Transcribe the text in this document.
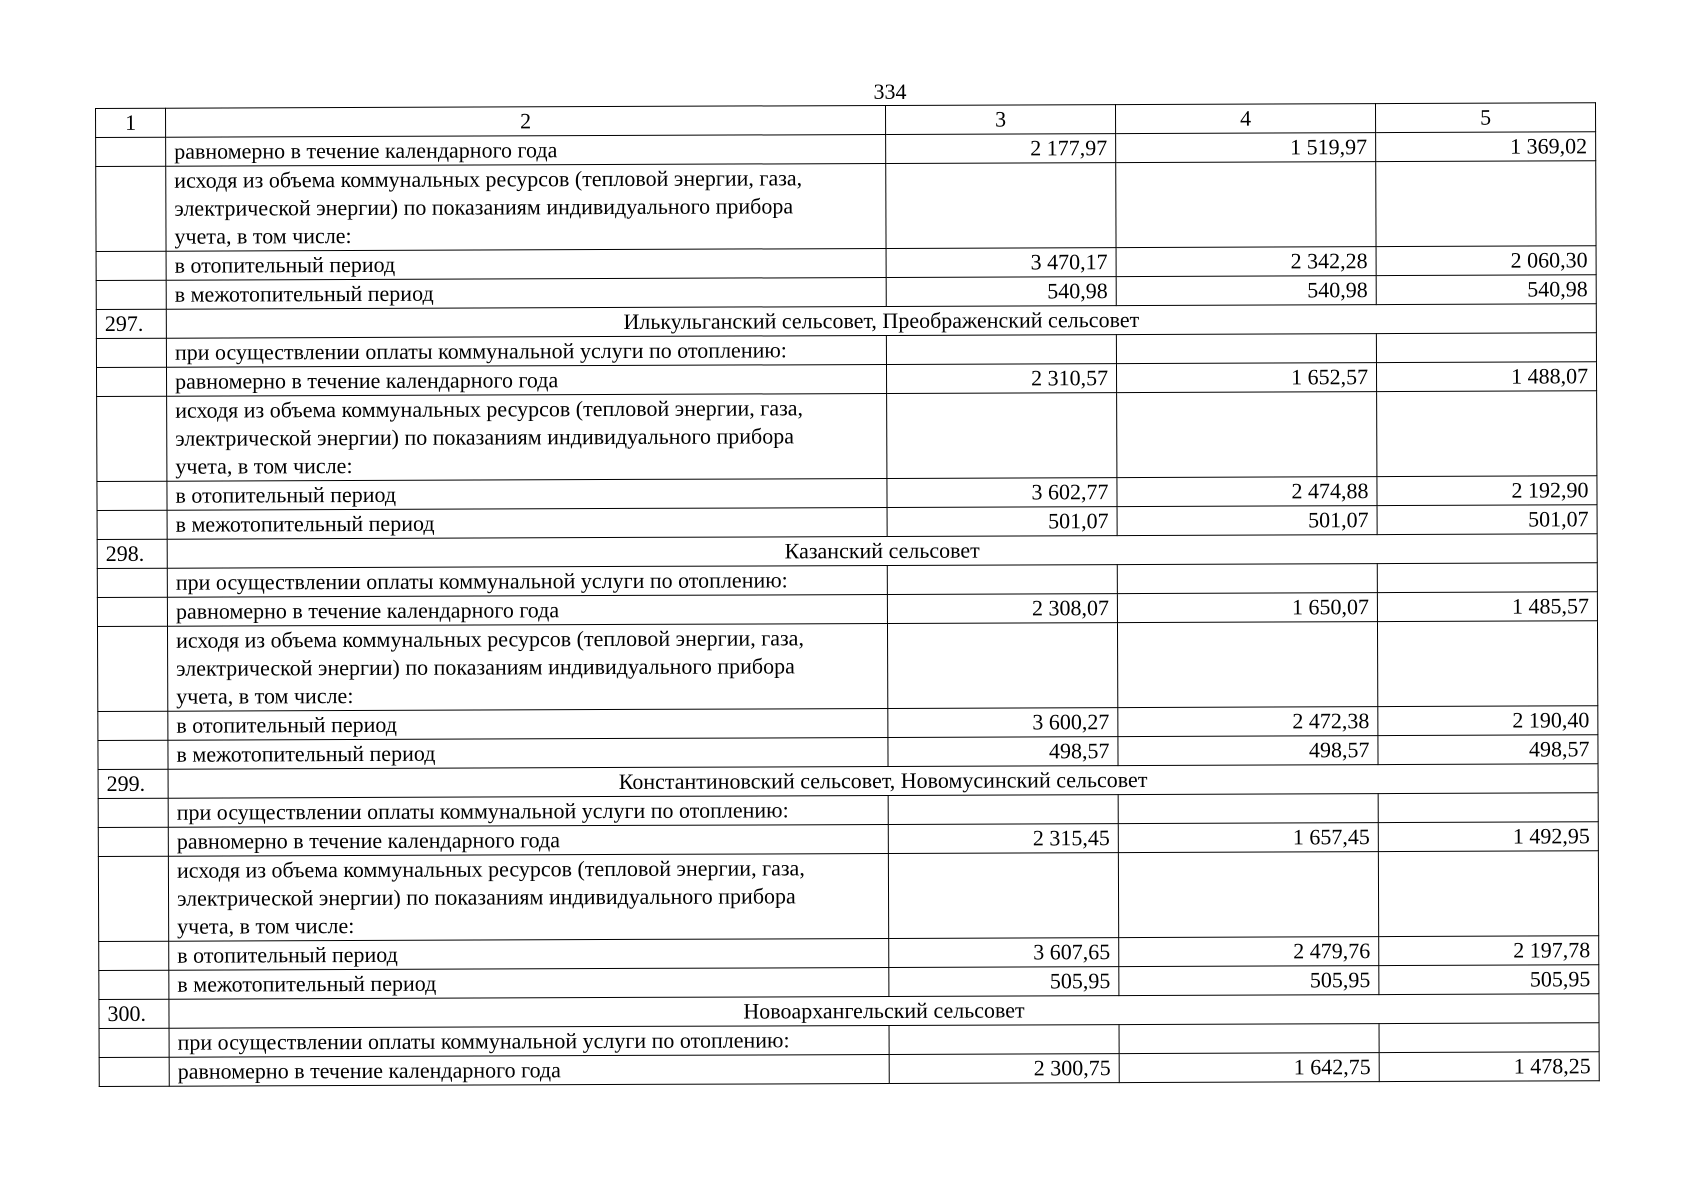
334
1	2	3	4	5
	равномерно в течение календарного года	2 177,97	1 519,97	1 369,02

	исходя из объема коммунальных ресурсов (тепловой энергии, газа,
электрической энергии) по показаниям индивидуального прибора
учета, в том числе:			

	в отопительный период	3 470,17	2 342,28	2 060,30
	в межотопительный период	540,98	540,98	540,98
297.	Илькульганский сельсовет, Преображенский сельсовет			
	при осуществлении оплаты коммунальной услуги по отоплению:			
	равномерно в течение календарного года	2 310,57	1 652,57	1 488,07

	исходя из объема коммунальных ресурсов (тепловой энергии, газа,
электрической энергии) по показаниям индивидуального прибора
учета, в том числе:			

	в отопительный период	3 602,77	2 474,88	2 192,90
	в межотопительный период	501,07	501,07	501,07
298.	Казанский сельсовет			
	при осуществлении оплаты коммунальной услуги по отоплению:			
	равномерно в течение календарного года	2 308,07	1 650,07	1 485,57

	исходя из объема коммунальных ресурсов (тепловой энергии, газа,
электрической энергии) по показаниям индивидуального прибора
учета, в том числе:			

	в отопительный период	3 600,27	2 472,38	2 190,40
	в межотопительный период	498,57	498,57	498,57
299.	Константиновский сельсовет, Новомусинский сельсовет			
	при осуществлении оплаты коммунальной услуги по отоплению:			
	равномерно в течение календарного года	2 315,45	1 657,45	1 492,95

	исходя из объема коммунальных ресурсов (тепловой энергии, газа,
электрической энергии) по показаниям индивидуального прибора
учета, в том числе:			

	в отопительный период	3 607,65	2 479,76	2 197,78
	в межотопительный период	505,95	505,95	505,95
300.	Новоархангельский сельсовет			
	при осуществлении оплаты коммунальной услуги по отоплению:			
	равномерно в течение календарного года	2 300,75	1 642,75	1 478,25
